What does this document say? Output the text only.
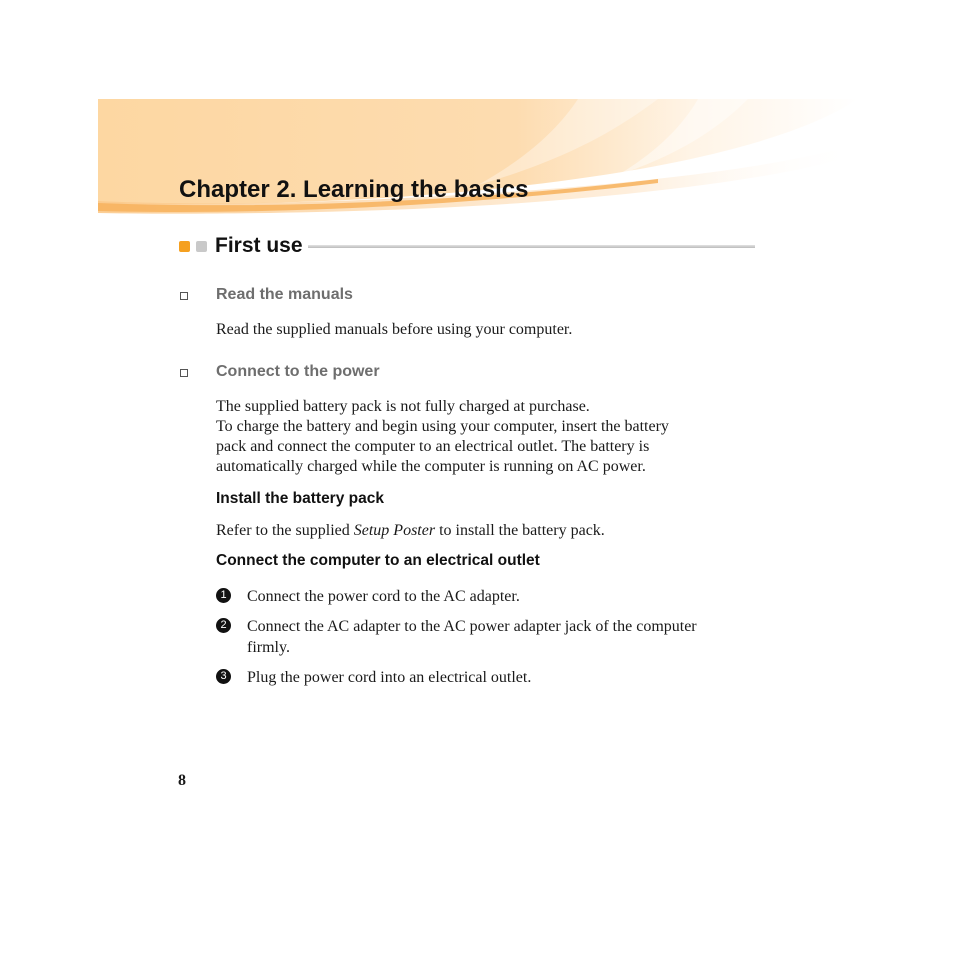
Chapter 2. Learning the basics
First use
Read the manuals

Read the supplied manuals before using your computer.

Connect to the power

The supplied battery pack is not fully charged at purchase.
To charge the battery and begin using your computer, insert the battery
pack and connect the computer to an electrical outlet. The battery is
automatically charged while the computer is running on AC power.

Install the battery pack

Refer to the supplied Setup Poster to install the battery pack.

Connect the computer to an electrical outlet
1 Connect the power cord to the AC adapter.

2 Connect the AC adapter to the AC power adapter jack of the computer
firmly.

3 Plug the power cord into an electrical outlet.

8
